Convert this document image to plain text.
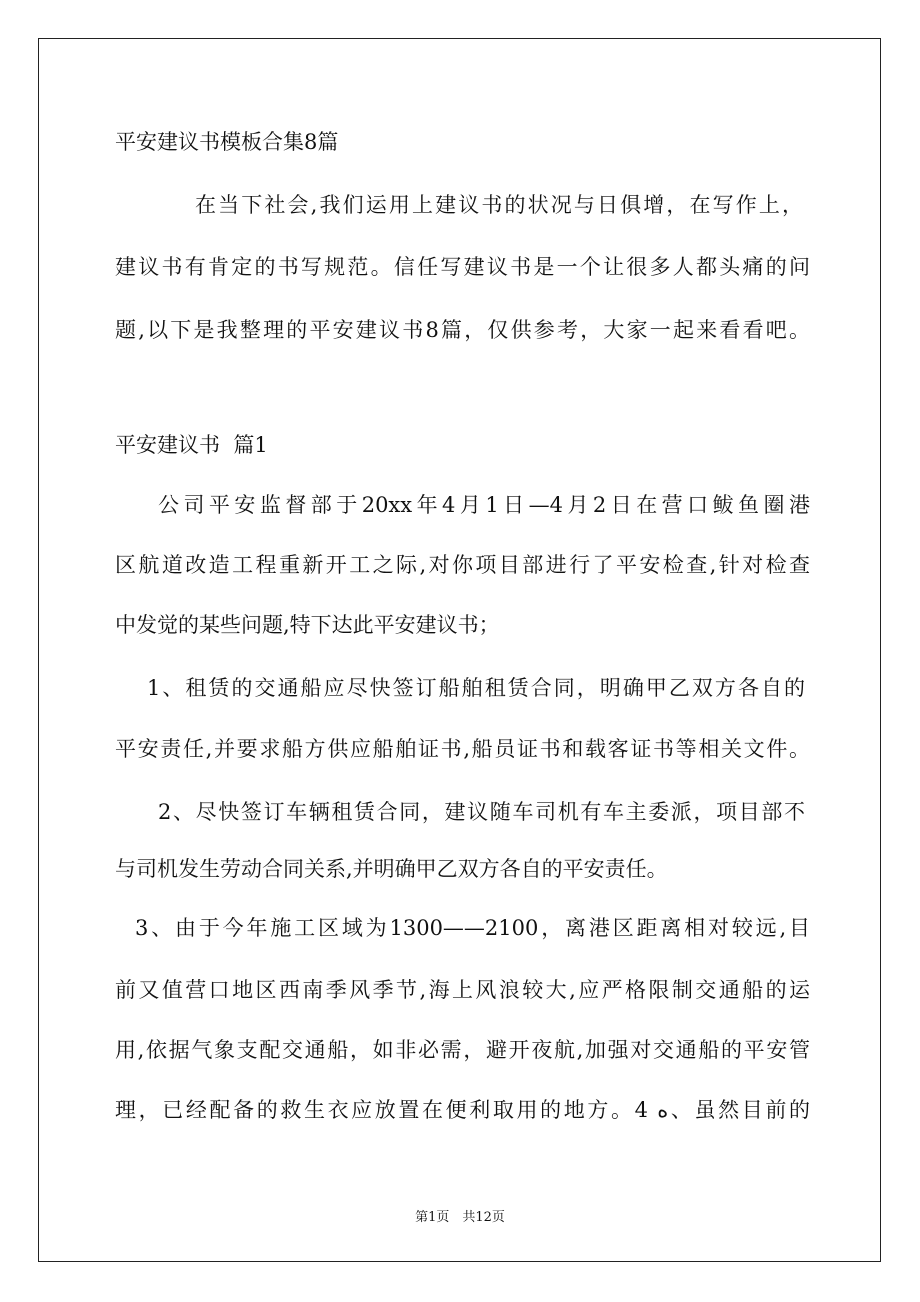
平安建议书模板合集8篇
在当下社会,我们运用上建议书的状况与日俱增，在写作上，
建议书有肯定的书写规范。信任写建议书是一个让很多人都头痛的问
题,以下是我整理的平安建议书8篇，仅供参考，大家一起来看看吧。
平安建议书  篇1
公司平安监督部于20xx年4月1日—4月2日在营口鲅鱼圈港
区航道改造工程重新开工之际,对你项目部进行了平安检查,针对检查
中发觉的某些问题,特下达此平安建议书；
1、租赁的交通船应尽快签订船舶租赁合同，明确甲乙双方各自的
平安责任,并要求船方供应船舶证书,船员证书和载客证书等相关文件。
2、尽快签订车辆租赁合同，建议随车司机有车主委派，项目部不
与司机发生劳动合同关系,并明确甲乙双方各自的平安责任。
3、由于今年施工区域为1300——2100，离港区距离相对较远,目
前又值营口地区西南季风季节,海上风浪较大,应严格限制交通船的运
用,依据气象支配交通船，如非必需，避开夜航,加强对交通船的平安管
理，已经配备的救生衣应放置在便利取用的地方。4 ه、虽然目前的
第1页　共12页
